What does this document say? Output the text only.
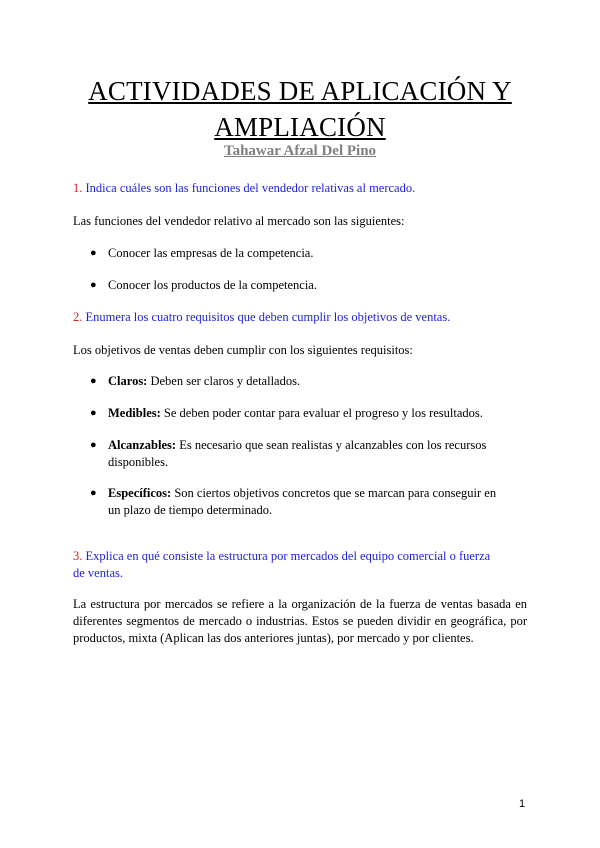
ACTIVIDADES DE APLICACIÓN Y
AMPLIACIÓN
Tahawar Afzal Del Pino
1. Indica cuáles son las funciones del vendedor relativas al mercado.
Las funciones del vendedor relativo al mercado son las siguientes:
● Conocer las empresas de la competencia.
● Conocer los productos de la competencia.
2. Enumera los cuatro requisitos que deben cumplir los objetivos de ventas.
Los objetivos de ventas deben cumplir con los siguientes requisitos:
● Claros: Deben ser claros y detallados.
● Medibles: Se deben poder contar para evaluar el progreso y los resultados.
● Alcanzables: Es necesario que sean realistas y alcanzables con los recursos disponibles.
● Específicos: Son ciertos objetivos concretos que se marcan para conseguir en un plazo de tiempo determinado.
3. Explica en qué consiste la estructura por mercados del equipo comercial o fuerza
de ventas.
La estructura por mercados se refiere a la organización de la fuerza de ventas basada en diferentes segmentos de mercado o industrias. Estos se pueden dividir en geográfica, por productos, mixta (Aplican las dos anteriores juntas), por mercado y por clientes.
1
